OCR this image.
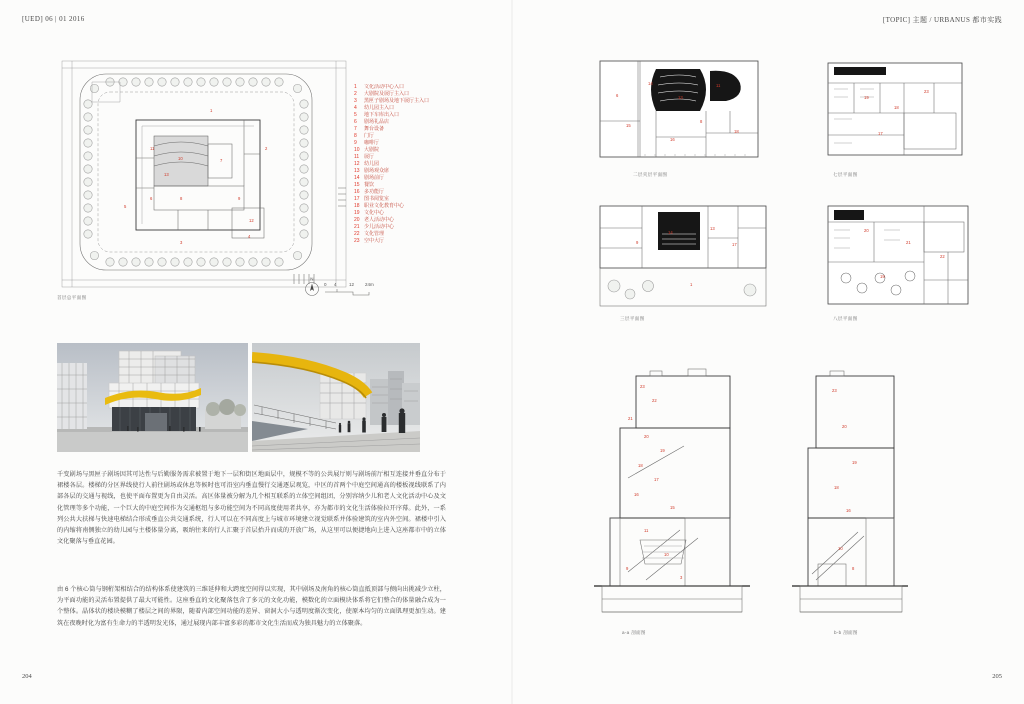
[UED] 06 | 01 2016	[TOPIC] 主题 / URBANUS 都市实践
1
2
3
4
5
6
7
8	9
10
11
12
13
N
0 4	12 24m
1	文化活动中心入口
2	大剧院及展厅主入口
3	黑匣子剧场及地下展厅主入口
4	幼儿园主入口
5	地下车库出入口
6	剧场礼品店
7	舞台设备
8	门厅
9	咖啡厅
10 大剧院
11 展厅
12 幼儿园
13 剧场观众席
14 剧场前厅
15 餐饮
16 多功能厅
17 图书阅览室
18 职业文化教育中心
19 文化中心
20 老人活动中心
21 少儿活动中心
22 文化管理
23 空中大厅
首层总平面图
千变剧场与黑匣子剧场因其可达性与后勤服务需求被置于地下一层和街区地面层中，规模不等的公共展厅则与剧场前厅相互连接并垂直分布于裙楼各层。楼梯的分区界线使行人前往剧场或休息等候时也可沿室内垂直慢行交通逐层观览，中区的首两个中庭空间通高的楼板视线联系了内部各层的交通与视线，也使平面布置更为自由灵活。高区体量被分解为几个相互联系的立体空间组团，分别容纳少儿和老人文化活动中心及文化管理等多个功能，一个巨大的中庭空间作为交通枢纽与多功能空间为不同高度使用者共享，亦为都市的文化生活体验拉开序幕。此外，一系列公共大扶梯与快速电梯结合形成垂直公共交通系统，行人可以在不同高度上与城市环境建立视觉联系并体验建筑的室内外空间。裙楼中引入的内缩将南侧独立的幼儿园与主楼体量分离，吸纳往来的行人汇聚于首层抬升而成的开放广场，从这里可以便捷地向上进入这座都市中的立体文化聚落与垂直花园。
由 6 个核心筒与钢桁架相结合的结构体系使建筑的三维延伸和大跨度空间得以实现，其中剧场及南角的核心筒直抵顶部与侧向出挑减少立柱，为平面功能的灵活布置提供了最大可能性。这座垂直的文化聚落包含了多元的文化功能，模数化的立面模块体系将它们整合的体量融合成为一个整体。晶体状的楼块模糊了楼层之间的界限，随着内部空间功能的差异、窗洞大小与透明度渐次变化，使原本均匀的立面肌理更加生动。建筑在夜晚时化为富有生命力的半透明发光体，通过展现内部丰富多彩的都市文化生活而成为独具魅力的立体聚落。
204
14
13
15
16
11
8
18
6
二层夹层平面图
19
18
17
23
七层平面图
14
13
17
9
1
三层平面图
20
21
22
19
八层平面图
23
22
21
20
19
18
17
16
15
11
10
9
3
a-a 剖面图
23
20
19
18
16
10
8
b-b 剖面图
205
